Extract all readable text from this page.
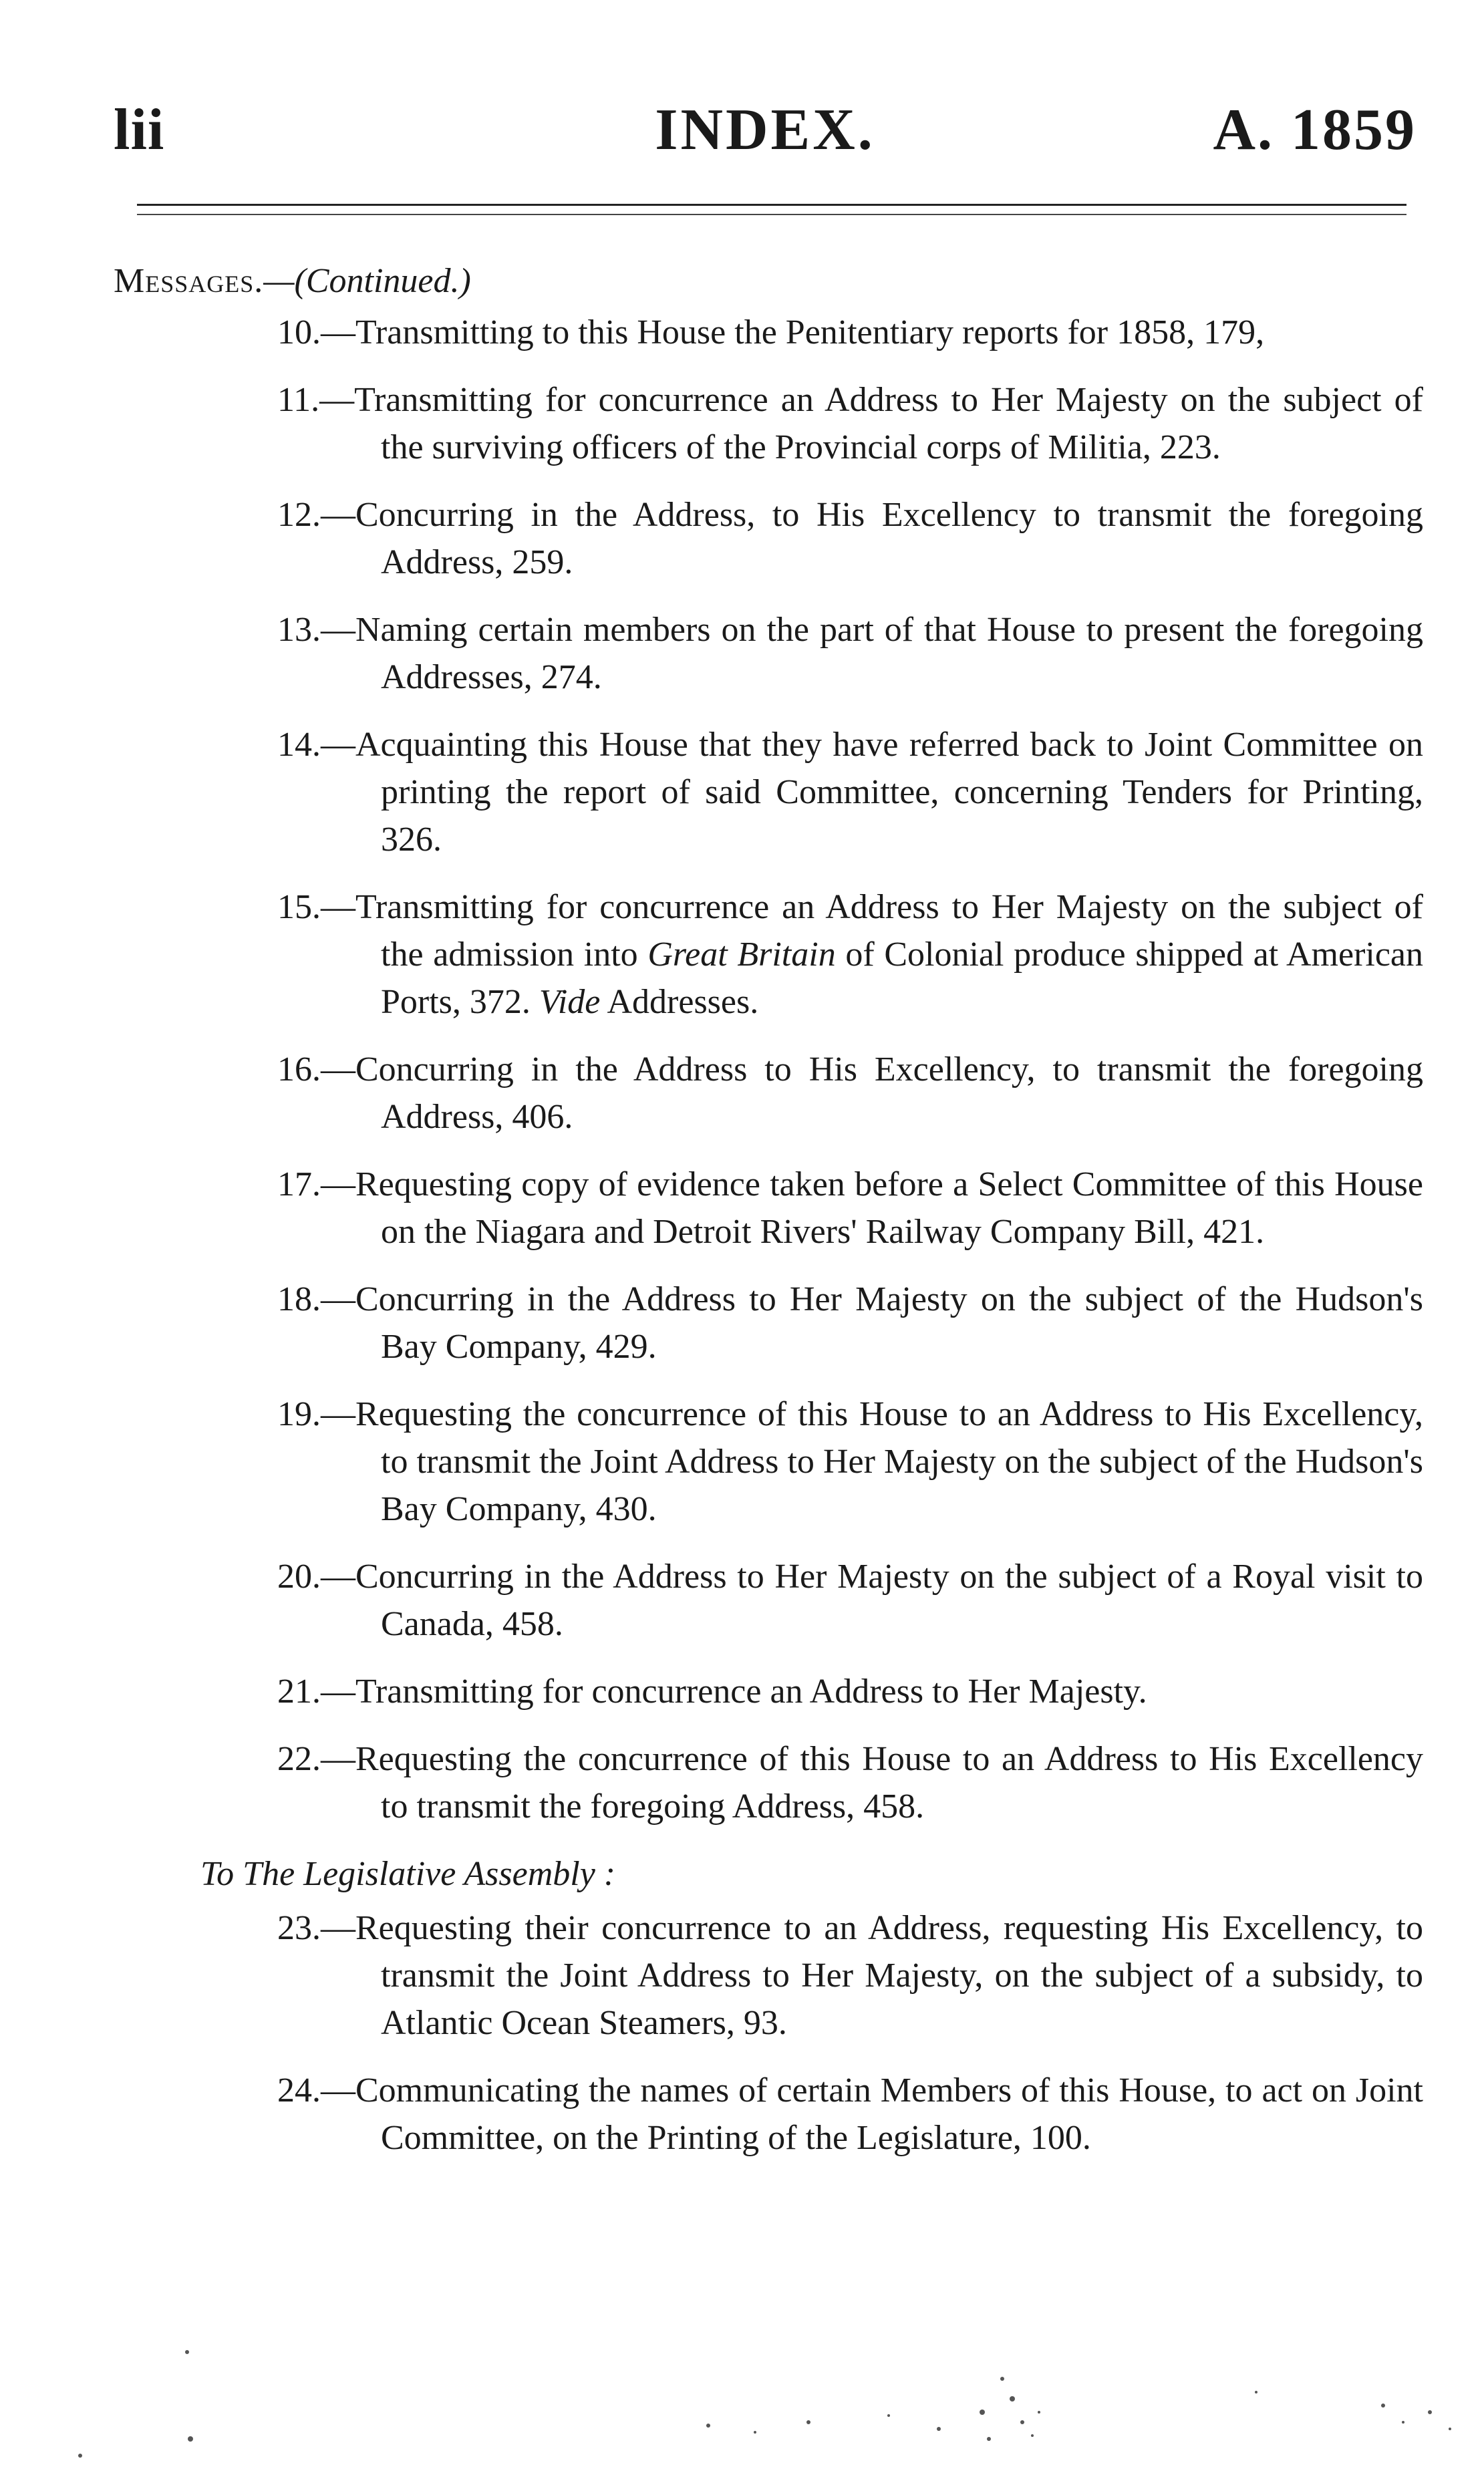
INDEX.
lii	A. 1859

Messages.—(Continued.)

10.—Transmitting to this House the Penitentiary reports for 1858, 179,

11.—Transmitting for concurrence an Address to Her Majesty on the subject of the surviving officers of the Provincial corps of Militia, 223.

12.—Concurring in the Address, to His Excellency to transmit the foregoing Address, 259.

13.—Naming certain members on the part of that House to present the foregoing Addresses, 274.

14.—Acquainting this House that they have referred back to Joint Committee on printing the report of said Committee, concerning Tenders for Printing, 326.

15.—Transmitting for concurrence an Address to Her Majesty on the subject of the admission into Great Britain of Colonial produce shipped at American Ports, 372. Vide Addresses.

16.—Concurring in the Address to His Excellency, to transmit the foregoing Address, 406.

17.—Requesting copy of evidence taken before a Select Committee of this House on the Niagara and Detroit Rivers' Railway Company Bill, 421.

18.—Concurring in the Address to Her Majesty on the subject of the Hudson's Bay Company, 429.

19.—Requesting the concurrence of this House to an Address to His Excellency, to transmit the Joint Address to Her Majesty on the subject of the Hudson's Bay Company, 430.

20.—Concurring in the Address to Her Majesty on the subject of a Royal visit to Canada, 458.

21.—Transmitting for concurrence an Address to Her Majesty.

22.—Requesting the concurrence of this House to an Address to His Excellency to transmit the foregoing Address, 458.

To The Legislative Assembly :

23.—Requesting their concurrence to an Address, requesting His Excellency, to transmit the Joint Address to Her Majesty, on the subject of a subsidy, to Atlantic Ocean Steamers, 93.

24.—Communicating the names of certain Members of this House, to act on Joint Committee, on the Printing of the Legislature, 100.
